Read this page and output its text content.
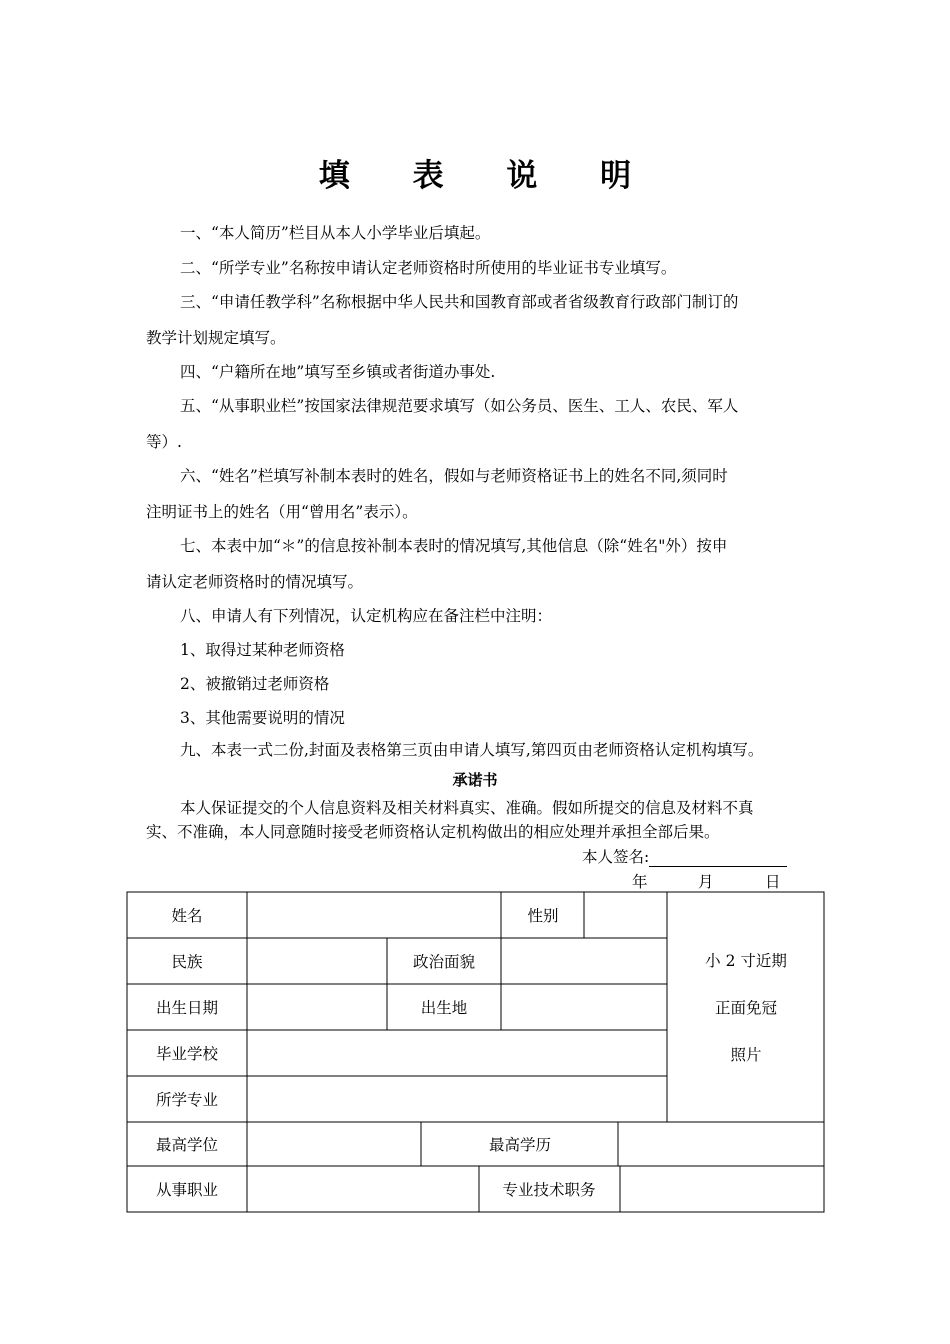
填 表 说 明
一、“本人简历”栏目从本人小学毕业后填起。
二、“所学专业”名称按申请认定老师资格时所使用的毕业证书专业填写。
三、“申请任教学科”名称根据中华人民共和国教育部或者省级教育行政部门制订的
教学计划规定填写。
四、“户籍所在地”填写至乡镇或者街道办事处.
五、“从事职业栏”按国家法律规范要求填写（如公务员、医生、工人、农民、军人
等）.
六、“姓名”栏填写补制本表时的姓名，假如与老师资格证书上的姓名不同,须同时
注明证书上的姓名（用“曾用名”表示）。
七、本表中加“＊”的信息按补制本表时的情况填写,其他信息（除“姓名"外）按申
请认定老师资格时的情况填写。
八、申请人有下列情况，认定机构应在备注栏中注明：
1、取得过某种老师资格
2、被撤销过老师资格
3、其他需要说明的情况
九、本表一式二份,封面及表格第三页由申请人填写,第四页由老师资格认定机构填写。
承诺书
本人保证提交的个人信息资料及相关材料真实、准确。假如所提交的信息及材料不真
实、不准确，本人同意随时接受老师资格认定机构做出的相应处理并承担全部后果。
本人签名:
年	月	日
姓名	性别
民族	政治面貌
出生日期	出生地
毕业学校
所学专业
最高学位	最高学历
从事职业	专业技术职务
小 2 寸近期
正面免冠
照片
